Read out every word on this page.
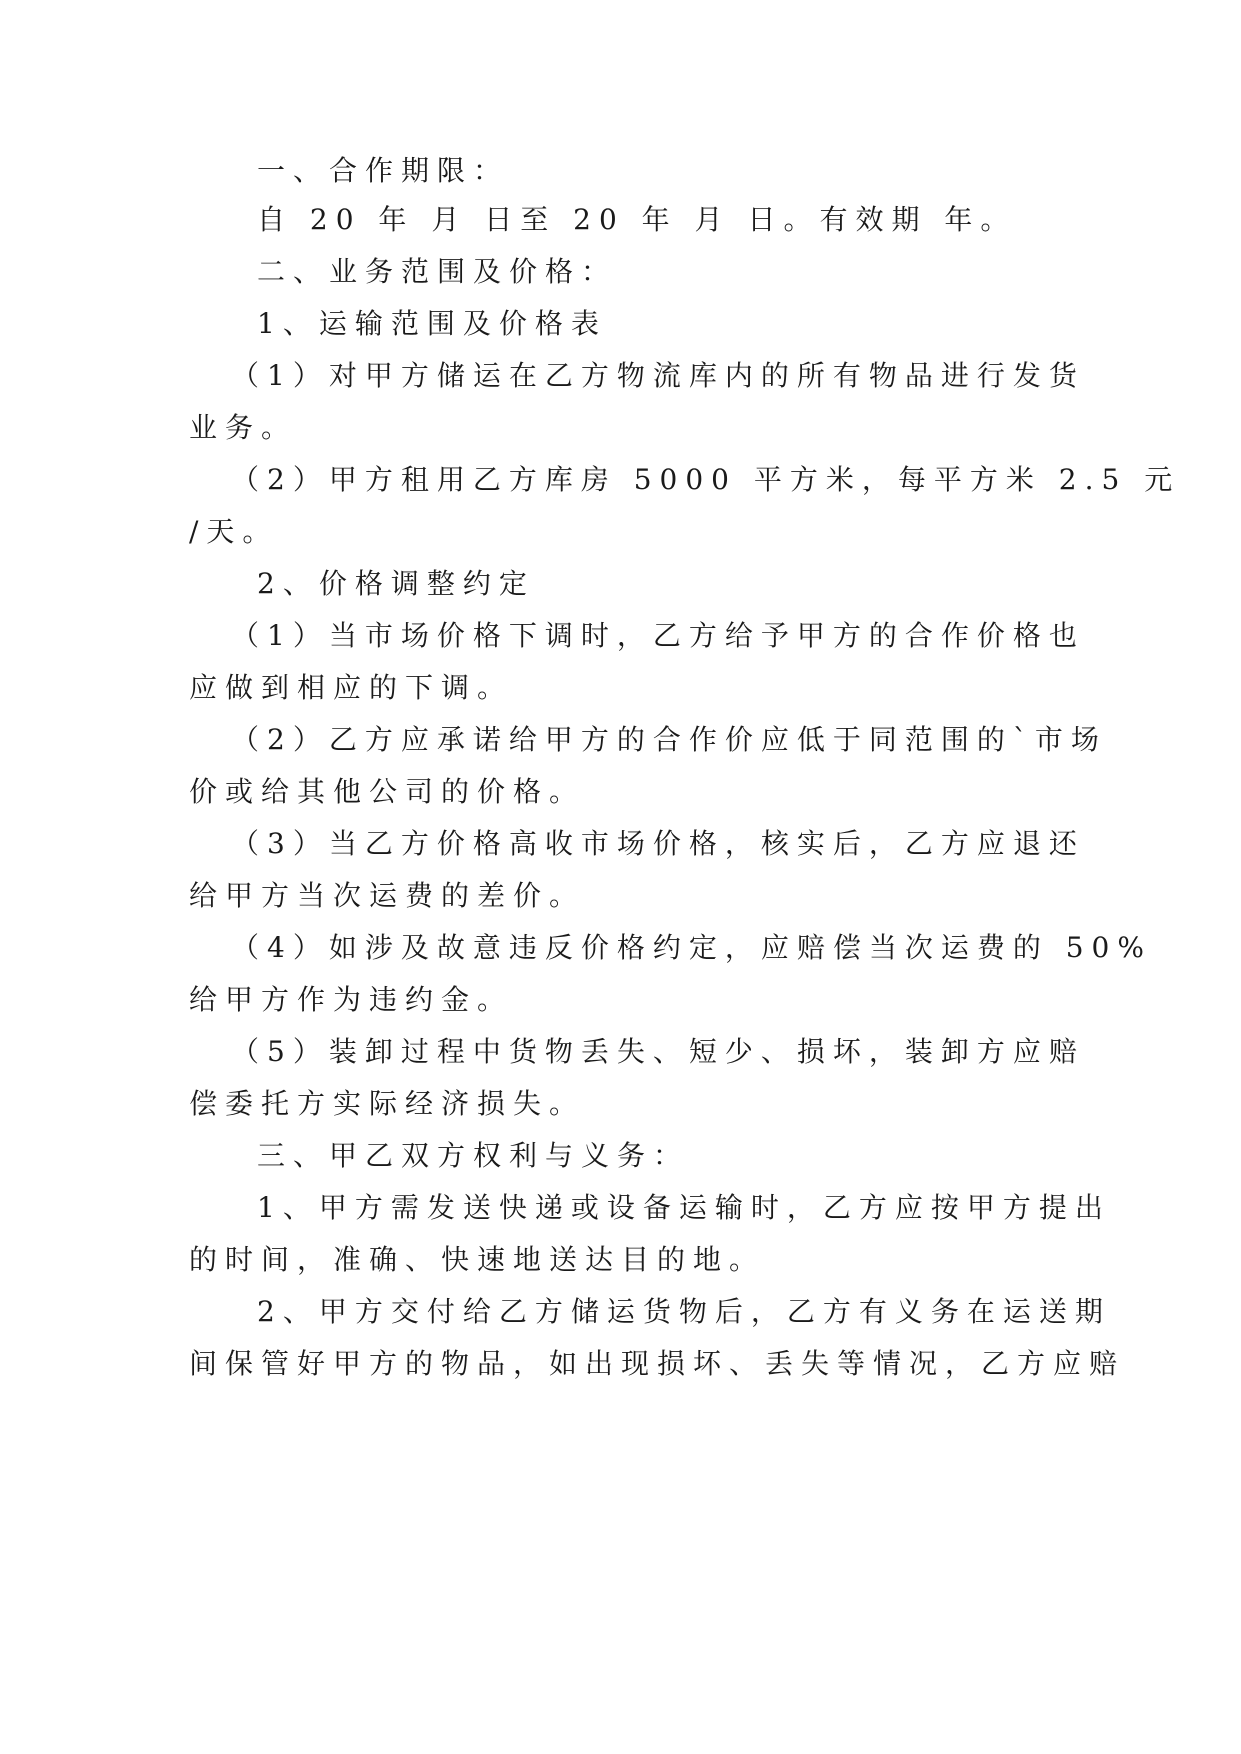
一、合作期限：
自 20 年 月 日至 20 年 月 日。有效期 年。
二、业务范围及价格：
1、运输范围及价格表
（1）对甲方储运在乙方物流库内的所有物品进行发货
业务。
（2）甲方租用乙方库房 5000 平方米，每平方米 2.5 元
/天。
2、价格调整约定
（1）当市场价格下调时，乙方给予甲方的合作价格也
应做到相应的下调。
（2）乙方应承诺给甲方的合作价应低于同范围的`市场
价或给其他公司的价格。
（3）当乙方价格高收市场价格，核实后，乙方应退还
给甲方当次运费的差价。
（4）如涉及故意违反价格约定，应赔偿当次运费的 50%
给甲方作为违约金。
（5）装卸过程中货物丢失、短少、损坏，装卸方应赔
偿委托方实际经济损失。
三、甲乙双方权利与义务：
1、甲方需发送快递或设备运输时，乙方应按甲方提出
的时间，准确、快速地送达目的地。
2、甲方交付给乙方储运货物后，乙方有义务在运送期
间保管好甲方的物品，如出现损坏、丢失等情况，乙方应赔
